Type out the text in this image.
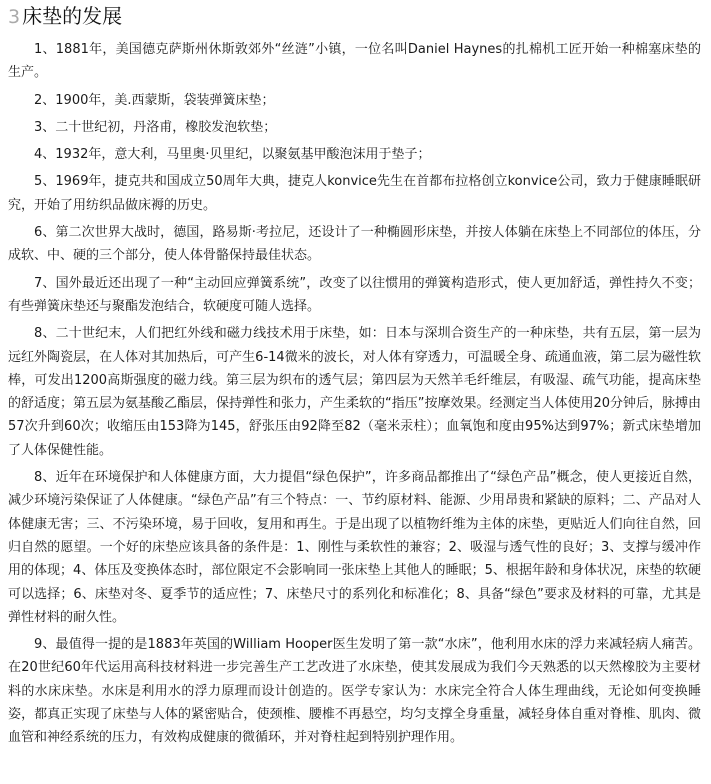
3 床垫的发展

1、1881年，美国德克萨斯州休斯敦郊外“丝涟”小镇，一位名叫Daniel Haynes的扎棉机工匠开始一种棉塞床垫的生产。

2、1900年，美.西蒙斯，袋装弹簧床垫；

3、二十世纪初，丹洛甫，橡胶发泡软垫；

4、1932年，意大利，马里奥·贝里纪，以聚氨基甲酸泡沫用于垫子；

5、1969年，捷克共和国成立50周年大典，捷克人konvice先生在首都布拉格创立konvice公司，致力于健康睡眠研究，开始了用纺织品做床褥的历史。

6、第二次世界大战时，德国，路易斯·考拉尼，还设计了一种椭圆形床垫，并按人体躺在床垫上不同部位的体压，分成软、中、硬的三个部分，使人体骨骼保持最佳状态。

7、国外最近还出现了一种“主动回应弹簧系统”，改变了以往惯用的弹簧构造形式，使人更加舒适，弹性持久不变；有些弹簧床垫还与聚酯发泡结合，软硬度可随人选择。

8、二十世纪末，人们把红外线和磁力线技术用于床垫，如：日本与深圳合资生产的一种床垫，共有五层，第一层为远红外陶瓷层，在人体对其加热后，可产生6-14微米的波长，对人体有穿透力，可温暖全身、疏通血液，第二层为磁性软棒，可发出1200高斯强度的磁力线。第三层为织布的透气层；第四层为天然羊毛纤维层，有吸湿、疏气功能，提高床垫的舒适度；第五层为氨基酸乙酯层，保持弹性和张力，产生柔软的“指压”按摩效果。经测定当人体使用20分钟后，脉搏由57次升到60次；收缩压由153降为145，舒张压由92降至82（毫米汞柱）；血氧饱和度由95%达到97%；新式床垫增加了人体保健性能。

8、近年在环境保护和人体健康方面，大力提倡“绿色保护”，许多商品都推出了“绿色产品”概念，使人更接近自然，减少环境污染保证了人体健康。“绿色产品”有三个特点：一、节约原材料、能源、少用昂贵和紧缺的原料；二、产品对人体健康无害；三、不污染环境，易于回收，复用和再生。于是出现了以植物纤维为主体的床垫，更贴近人们向往自然，回归自然的愿望。一个好的床垫应该具备的条件是：1、刚性与柔软性的兼容；2、吸湿与透气性的良好；3、支撑与缓冲作用的体现；4、体压及变换体态时，部位限定不会影响同一张床垫上其他人的睡眠；5、根据年龄和身体状况，床垫的软硬可以选择；6、床垫对冬、夏季节的适应性；7、床垫尺寸的系列化和标准化；8、具备“绿色”要求及材料的可靠，尤其是弹性材料的耐久性。

9、最值得一提的是1883年英国的William Hooper医生发明了第一款“水床”，他利用水床的浮力来减轻病人痛苦。在20世纪60年代运用高科技材料进一步完善生产工艺改进了水床垫，使其发展成为我们今天熟悉的以天然橡胶为主要材料的水床床垫。水床是利用水的浮力原理而设计创造的。医学专家认为：水床完全符合人体生理曲线，无论如何变换睡姿，都真正实现了床垫与人体的紧密贴合，使颈椎、腰椎不再悬空，均匀支撑全身重量，减轻身体自重对脊椎、肌肉、微血管和神经系统的压力，有效构成健康的微循环，并对脊柱起到特别护理作用。
